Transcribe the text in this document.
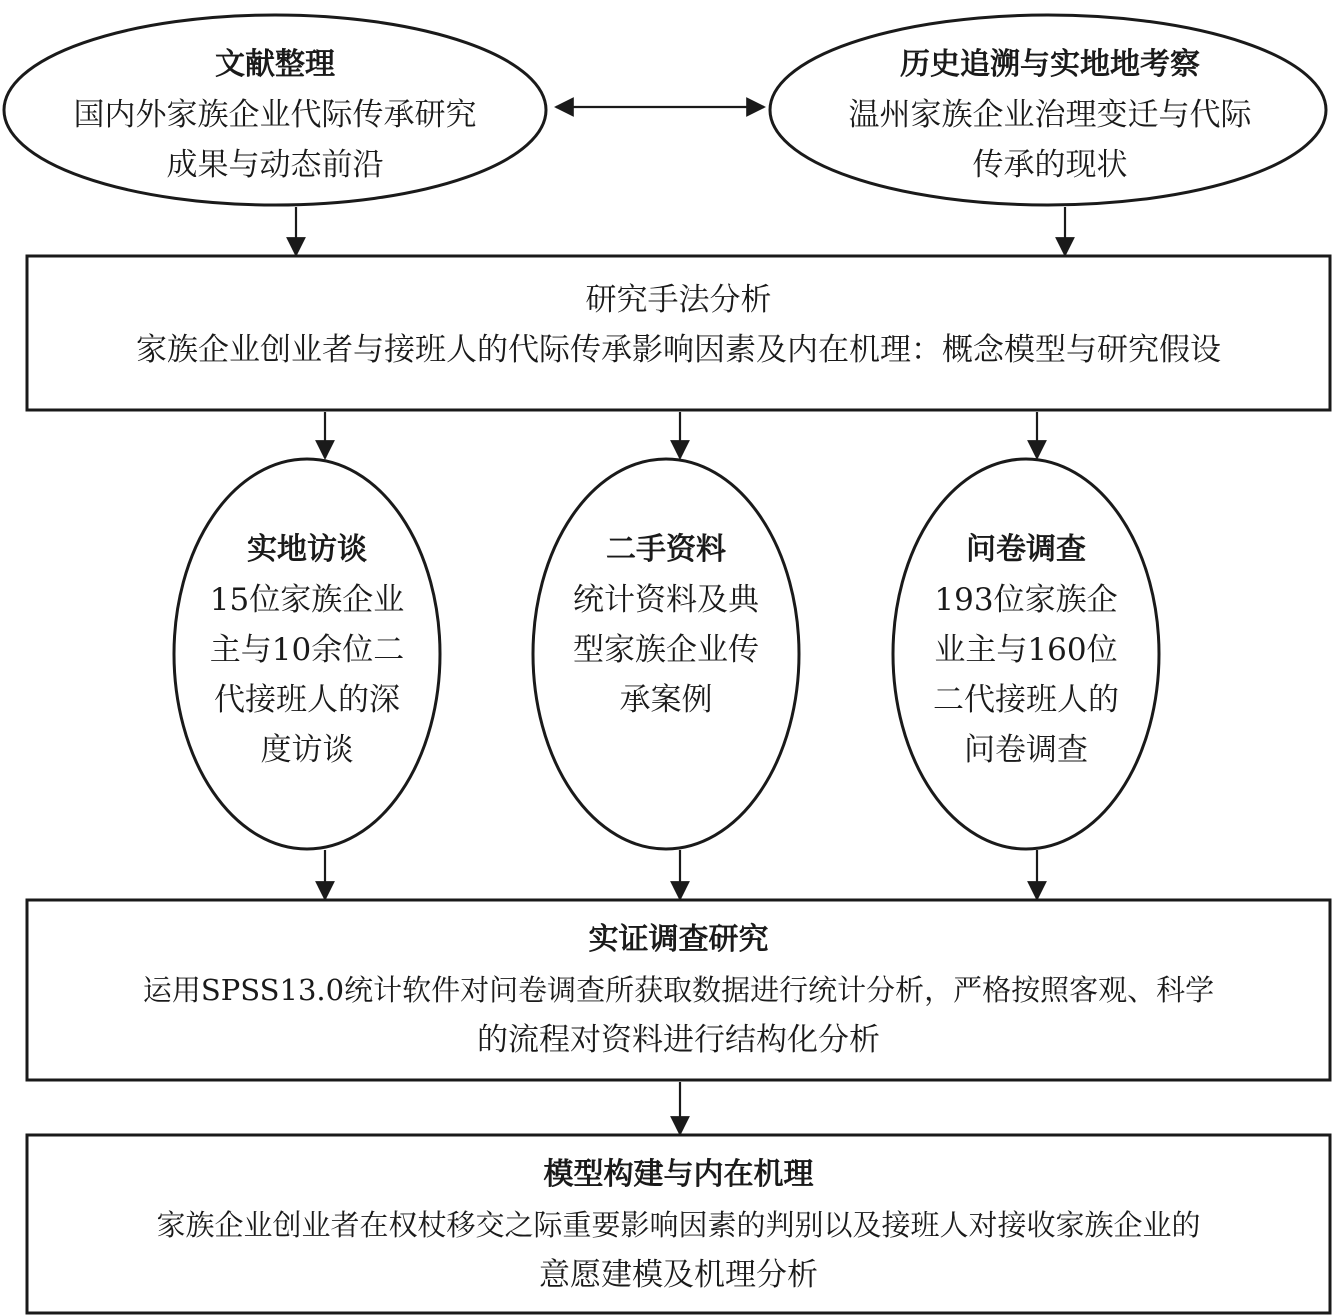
文献整理
国内外家族企业代际传承研究
成果与动态前沿
历史追溯与实地地考察
温州家族企业治理变迁与代际
传承的现状
研究手法分析
家族企业创业者与接班人的代际传承影响因素及内在机理：概念模型与研究假设
实地访谈
15位家族企业
主与10余位二
代接班人的深
度访谈
二手资料
统计资料及典
型家族企业传
承案例
问卷调查
193位家族企
业主与160位
二代接班人的
问卷调查
实证调查研究
运用SPSS13.0统计软件对问卷调查所获取数据进行统计分析，严格按照客观、科学
的流程对资料进行结构化分析
模型构建与内在机理
家族企业创业者在权杖移交之际重要影响因素的判别以及接班人对接收家族企业的
意愿建模及机理分析
